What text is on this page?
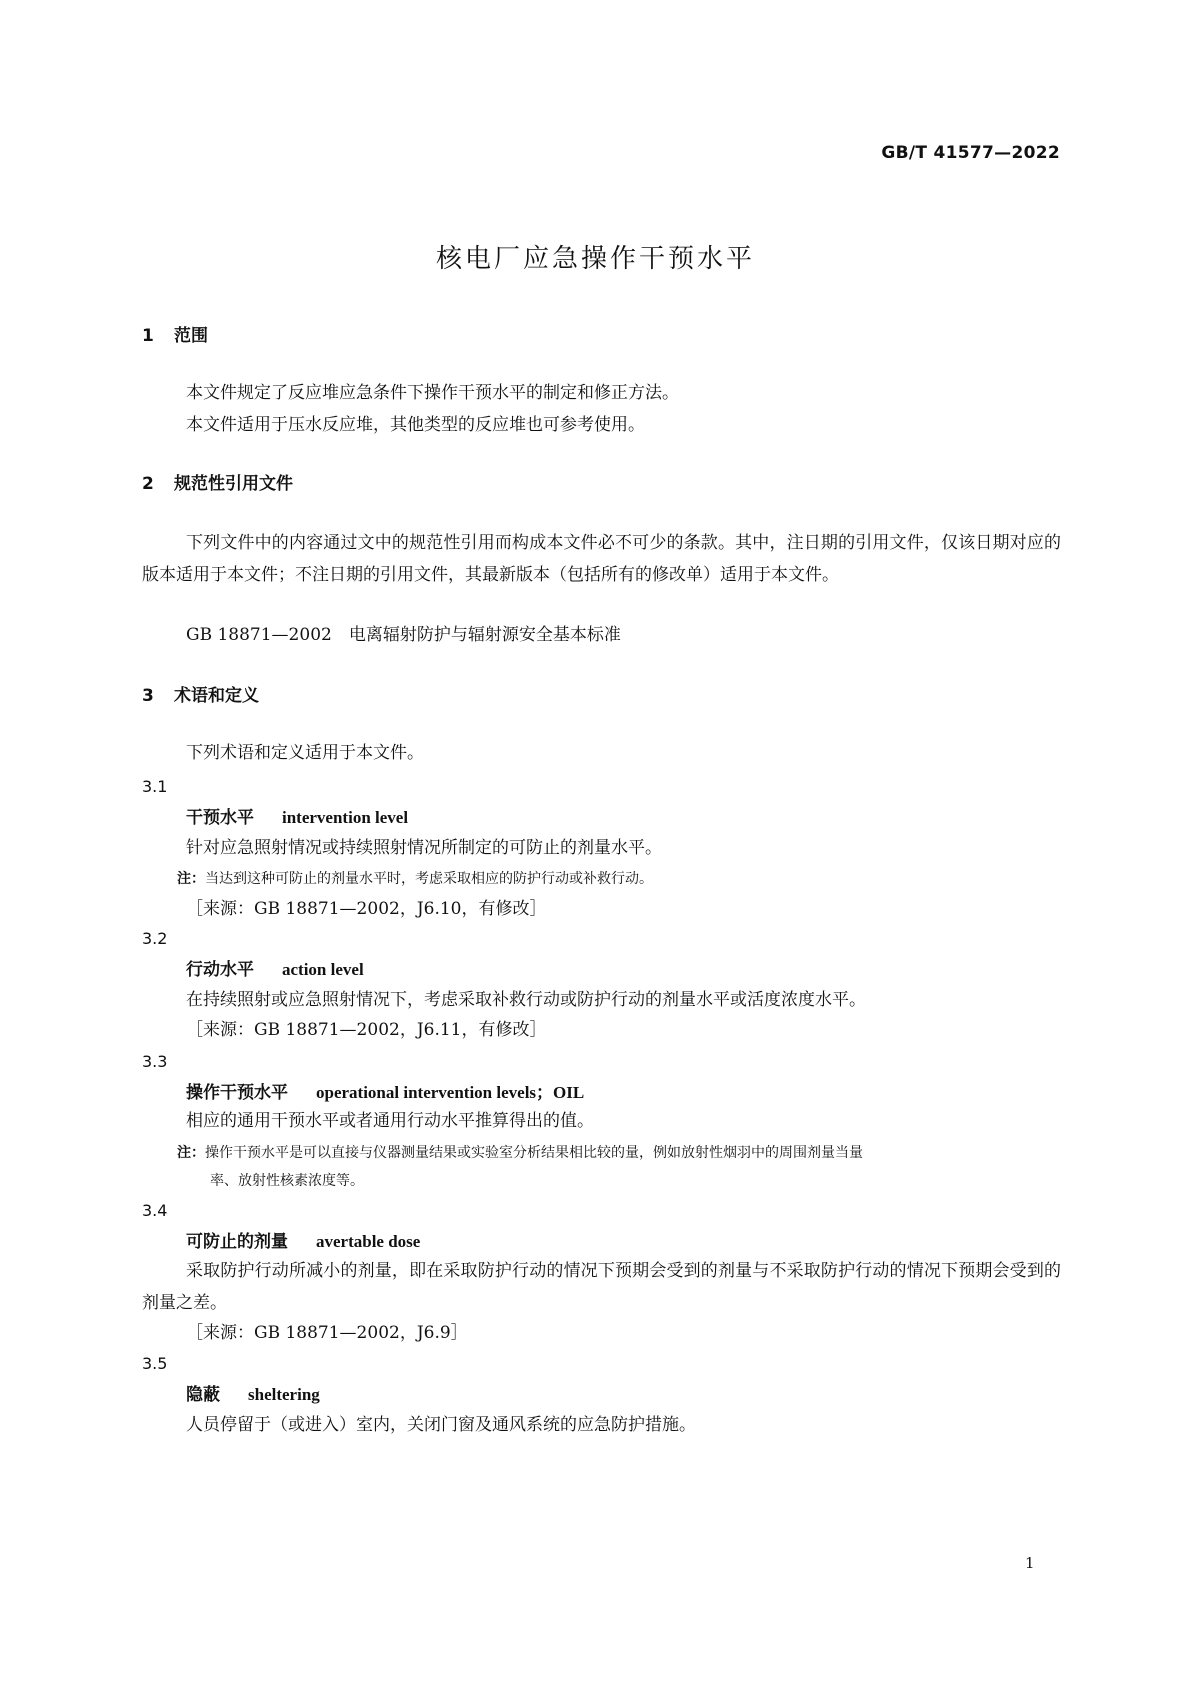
GB/T 41577—2022
核电厂应急操作干预水平
1 范围
本文件规定了反应堆应急条件下操作干预水平的制定和修正方法。
本文件适用于压水反应堆，其他类型的反应堆也可参考使用。
2 规范性引用文件
下列文件中的内容通过文中的规范性引用而构成本文件必不可少的条款。其中，注日期的引用文件，仅该日期对应的版本适用于本文件；不注日期的引用文件，其最新版本（包括所有的修改单）适用于本文件。
GB 18871—2002　电离辐射防护与辐射源安全基本标准
3 术语和定义
下列术语和定义适用于本文件。
3.1
干预水平 intervention level
针对应急照射情况或持续照射情况所制定的可防止的剂量水平。
注：当达到这种可防止的剂量水平时，考虑采取相应的防护行动或补救行动。
［来源：GB 18871—2002，J6.10，有修改］
3.2
行动水平 action level
在持续照射或应急照射情况下，考虑采取补救行动或防护行动的剂量水平或活度浓度水平。
［来源：GB 18871—2002，J6.11，有修改］
3.3
操作干预水平 operational intervention levels；OIL
相应的通用干预水平或者通用行动水平推算得出的值。
注：操作干预水平是可以直接与仪器测量结果或实验室分析结果相比较的量，例如放射性烟羽中的周围剂量当量
率、放射性核素浓度等。
3.4
可防止的剂量 avertable dose
采取防护行动所减小的剂量，即在采取防护行动的情况下预期会受到的剂量与不采取防护行动的情况下预期会受到的剂量之差。
［来源：GB 18871—2002，J6.9］
3.5
隐蔽 sheltering
人员停留于（或进入）室内，关闭门窗及通风系统的应急防护措施。
1
